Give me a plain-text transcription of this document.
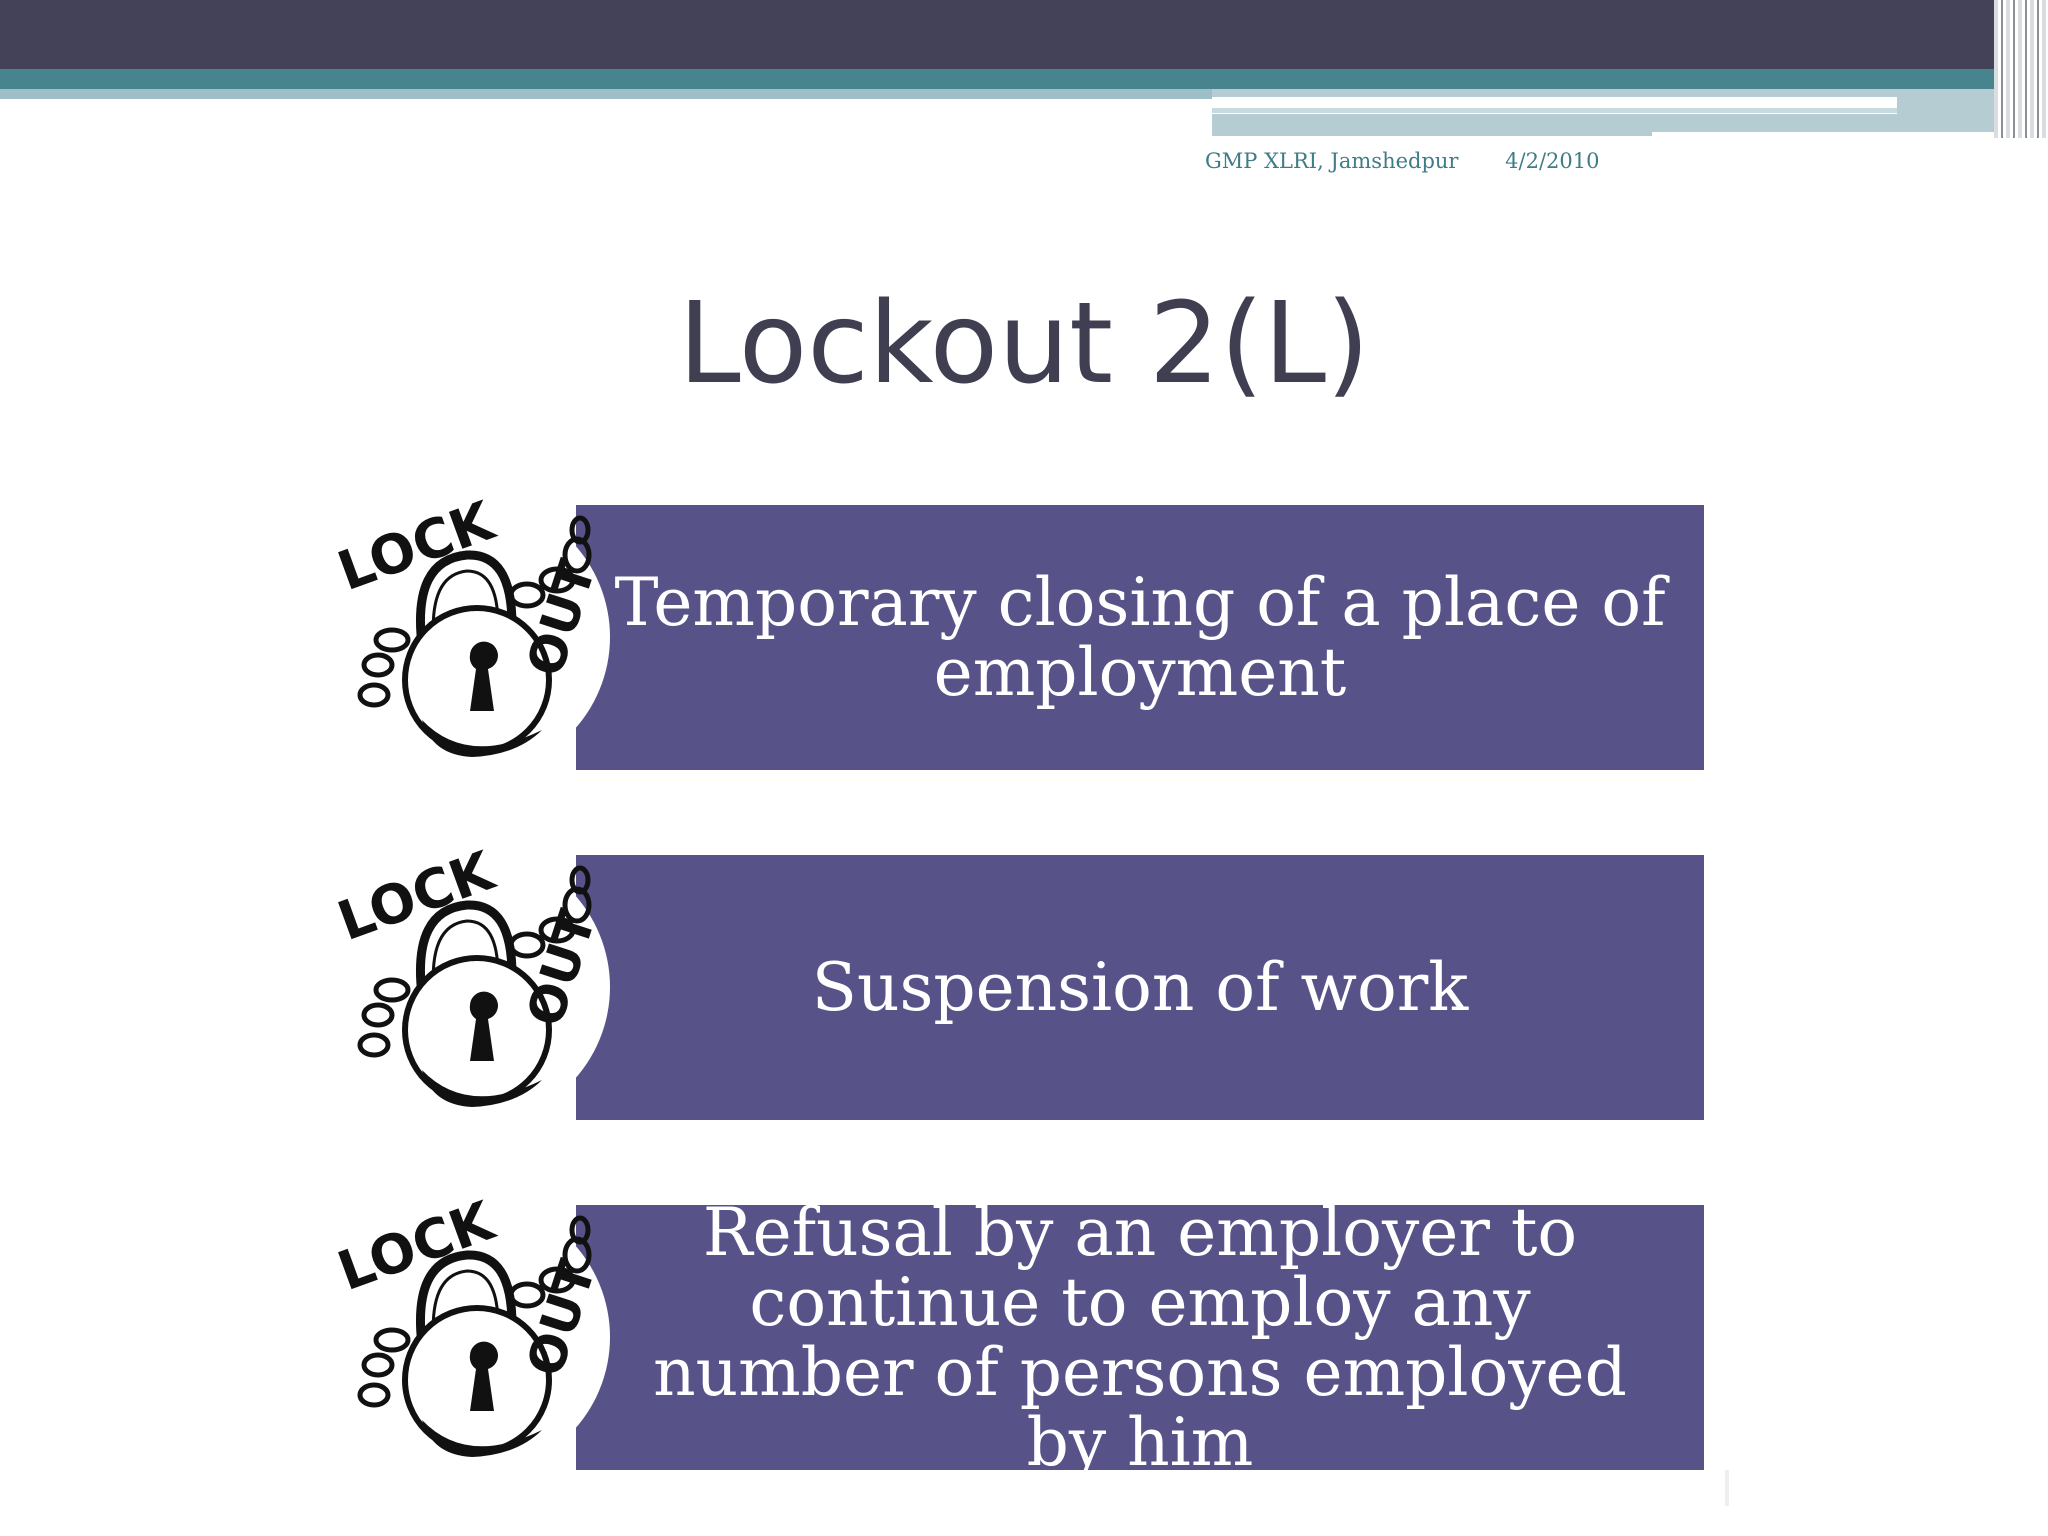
GMP XLRI, Jamshedpur 4/2/2010
Lockout 2(L)
Temporary closing of a place of employment
LOCK
OUT
Suspension of work
LOCK
OUT
Refusal by an employer to continue to employ any number of persons employed by him
LOCK
OUT
